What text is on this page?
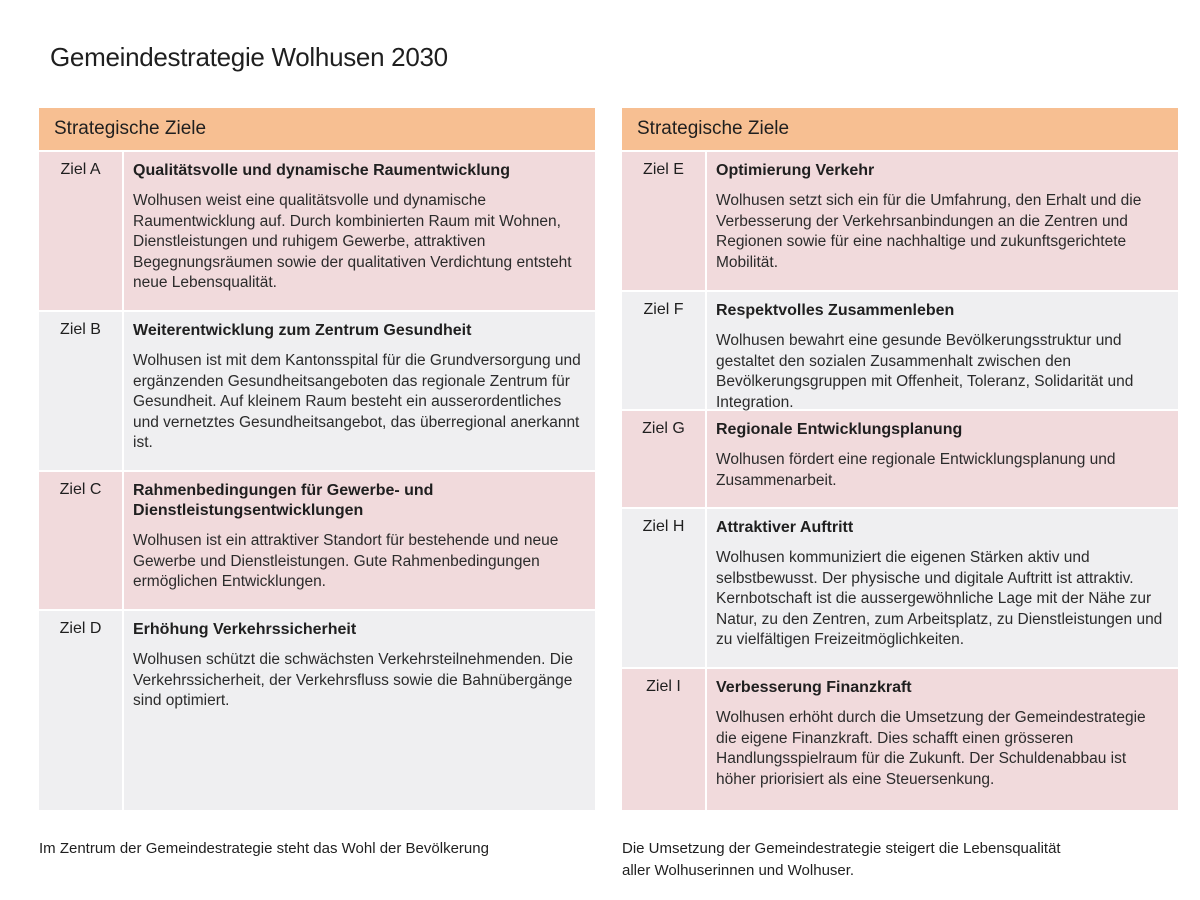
Gemeindestrategie Wolhusen 2030
Strategische Ziele
Ziel A	Qualitätsvolle und dynamische Raumentwicklung

Wolhusen weist eine qualitätsvolle und dynamische Raumentwicklung auf. Durch kombinierten Raum mit Wohnen, Dienstleistungen und ruhigem Gewerbe, attraktiven Begegnungsräumen sowie der qualitativen Verdichtung entsteht neue Lebensqualität.

Ziel B	Weiterentwicklung zum Zentrum Gesundheit

Wolhusen ist mit dem Kantonsspital für die Grundversorgung und ergänzenden Gesundheitsangeboten das regionale Zentrum für Gesundheit. Auf kleinem Raum besteht ein ausserordentliches und vernetztes Gesundheitsangebot, das überregional anerkannt ist.

Ziel C	Rahmenbedingungen für Gewerbe- und Dienstleistungsentwicklungen

Wolhusen ist ein attraktiver Standort für bestehende und neue Gewerbe und Dienstleistungen. Gute Rahmenbedingungen ermöglichen Entwicklungen.

Ziel D	Erhöhung Verkehrssicherheit

Wolhusen schützt die schwächsten Verkehrsteilnehmenden. Die Verkehrssicherheit, der Verkehrsfluss sowie die Bahnübergänge sind optimiert.

Strategische Ziele
Ziel E	Optimierung Verkehr

Wolhusen setzt sich ein für die Umfahrung, den Erhalt und die Verbesserung der Verkehrsanbindungen an die Zentren und Regionen sowie für eine nachhaltige und zukunftsgerichtete Mobilität.

Ziel F	Respektvolles Zusammenleben

Wolhusen bewahrt eine gesunde Bevölkerungsstruktur und gestaltet den sozialen Zusammenhalt zwischen den Bevölkerungsgruppen mit Offenheit, Toleranz, Solidarität und Integration.

Ziel G	Regionale Entwicklungsplanung

Wolhusen fördert eine regionale Entwicklungsplanung und Zusammenarbeit.

Ziel H	Attraktiver Auftritt

Wolhusen kommuniziert die eigenen Stärken aktiv und selbstbewusst. Der physische und digitale Auftritt ist attraktiv. Kernbotschaft ist die aussergewöhnliche Lage mit der Nähe zur Natur, zu den Zentren, zum Arbeitsplatz, zu Dienstleistungen und zu vielfältigen Freizeitmöglichkeiten.

Ziel I	Verbesserung Finanzkraft

Wolhusen erhöht durch die Umsetzung der Gemeindestrategie die eigene Finanzkraft. Dies schafft einen grösseren Handlungsspielraum für die Zukunft. Der Schuldenabbau ist höher priorisiert als eine Steuersenkung.

Im Zentrum der Gemeindestrategie steht das Wohl der Bevölkerung	Die Umsetzung der Gemeindestrategie steigert die Lebensqualität
aller Wolhuserinnen und Wolhuser.
